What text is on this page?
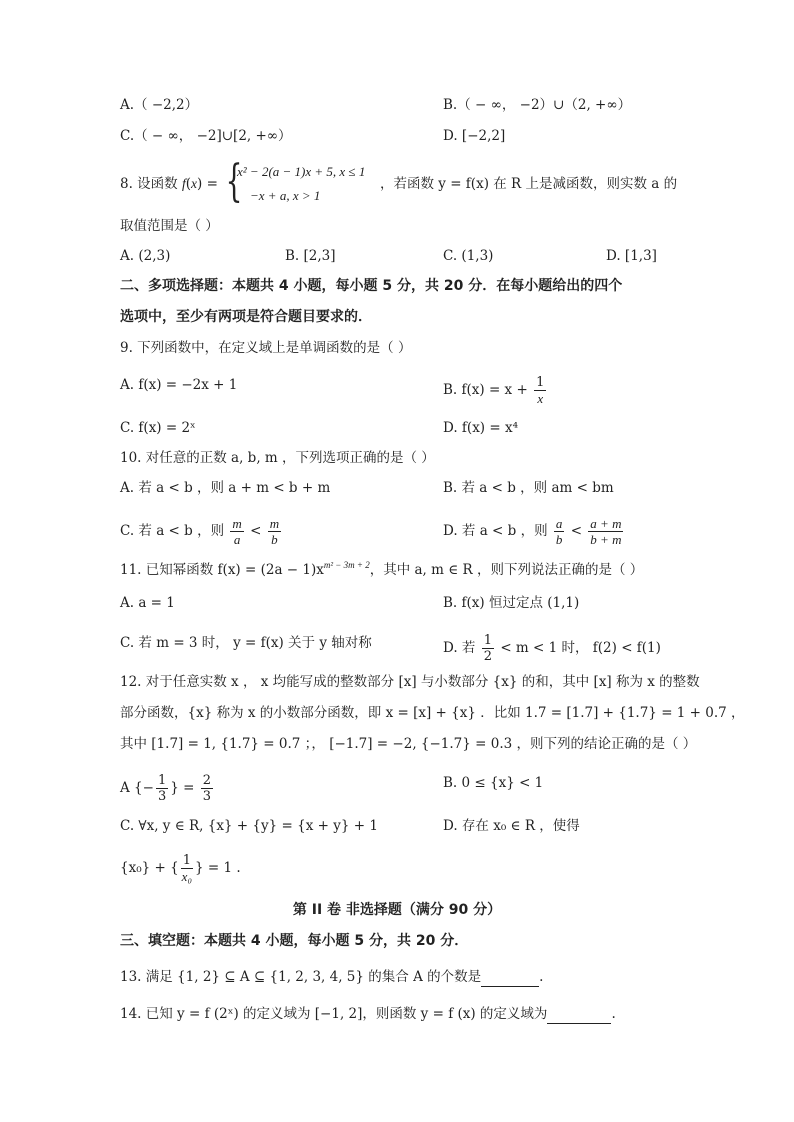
A.（ −2,2）	B.（ − ∞， −2）∪（2, +∞）
C.（ − ∞， −2]∪[2, +∞）	D. [−2,2]
8. 设函数 f(x) = {
x² − 2(a − 1)x + 5, x ≤ 1
−x + a, x > 1
，若函数 y = f(x) 在 R 上是减函数，则实数 a 的
取值范围是（ ）
A. (2,3)	B. [2,3]	C. (1,3)	D. [1,3]
二、多项选择题：本题共 4 小题，每小题 5 分，共 20 分．在每小题给出的四个
选项中，至少有两项是符合题目要求的．
9. 下列函数中，在定义域上是单调函数的是（ ）
A. f(x) = −2x + 1	B. $f(x) = x + \frac{1}{x}$
C. f(x) = 2ˣ	D. f(x) = x⁴
10. 对任意的正数 a, b, m ，下列选项正确的是（ ）
A. 若 a < b ，则 a + m < b + m	B. 若 a < b ，则 am < bm
C. 若 a < b ，则 $\frac{m}{a} < \frac{m}{b}$	D. 若 a < b ，则 $\frac{a}{b} < \frac{a + m}{b + m}$
11. 已知幂函数 $f(x) = (2a - 1)x^{m^2 - 3m + 2}$，其中 a, m ∈ R ，则下列说法正确的是（ ）
A. a = 1	B. f(x) 恒过定点 (1,1)
C. 若 m = 3 时， y = f(x) 关于 y 轴对称	D. 若 $\frac{1}{2} < m < 1$ 时， f(2) < f(1)
12. 对于任意实数 x ， x 均能写成的整数部分 [x] 与小数部分 {x} 的和，其中 [x] 称为 x 的整数
部分函数，{x} 称为 x 的小数部分函数，即 x = [x] + {x} ．比如 1.7 = [1.7] + {1.7} = 1 + 0.7 ，
其中 [1.7] = 1, {1.7} = 0.7 ；， [−1.7] = −2, {−1.7} = 0.3 ，则下列的结论正确的是（ ）
A {− $\frac{1}{3}$ } = $\frac{2}{3}$	B. 0 ≤ {x} < 1
C. ∀x, y ∈ R, {x} + {y} = {x + y} + 1	D. 存在 x₀ ∈ R ，使得
{x₀} + { $\frac{1}{\text{x₀}}$ } = 1 .
第 II 卷 非选择题（满分 90 分）
三、填空题：本题共 4 小题，每小题 5 分，共 20 分．
13. 满足 {1, 2} ⊆ A ⊆ {1, 2, 3, 4, 5} 的集合 A 的个数是	.
14. 已知 y = f (2ˣ) 的定义域为 [−1, 2]，则函数 y = f (x) 的定义域为	.
